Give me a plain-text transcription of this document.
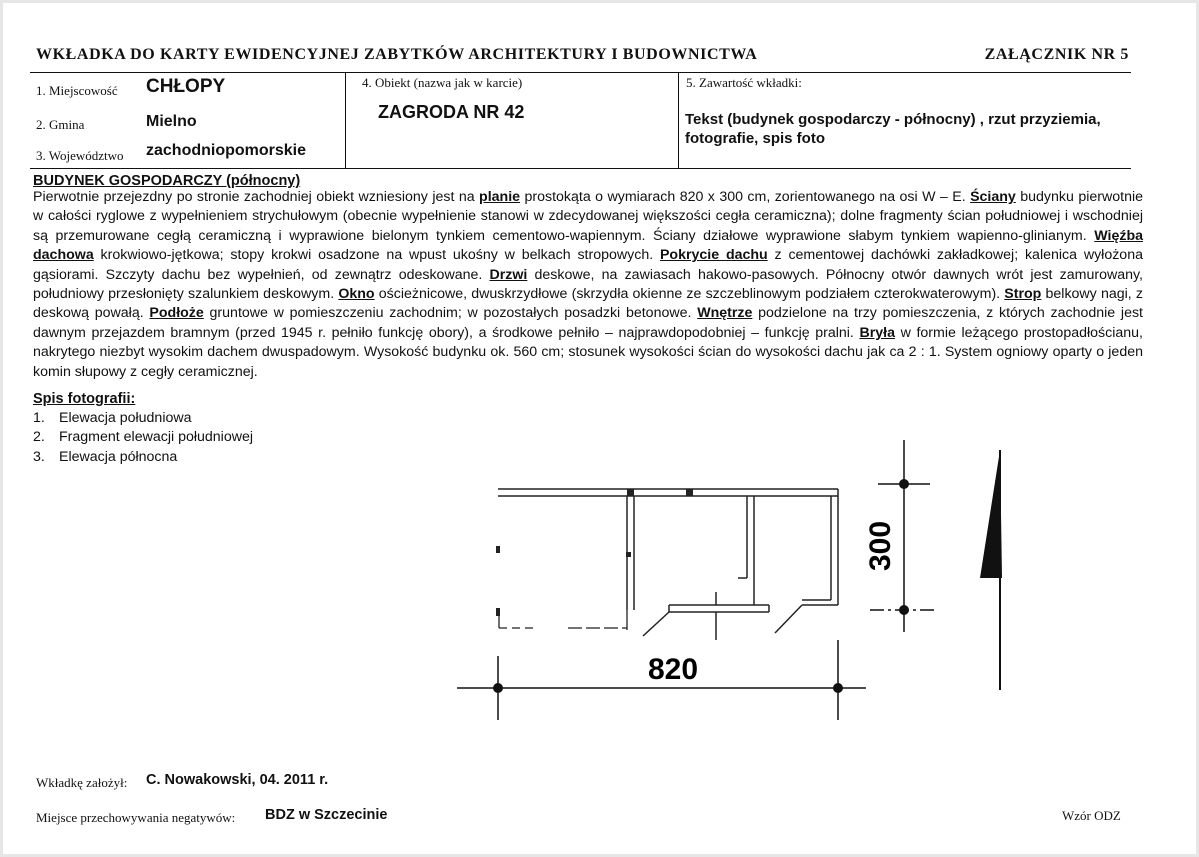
WKŁADKA DO KARTY EWIDENCYJNEJ ZABYTKÓW ARCHITEKTURY I BUDOWNICTWA	ZAŁĄCZNIK NR 5
1. Miejscowość CHŁOPY
2. Gmina	Mielno
3. Województwo zachodniopomorskie
4. Obiekt (nazwa jak w karcie)
ZAGRODA NR 42
5. Zawartość wkładki:
Tekst (budynek gospodarczy - północny) , rzut przyziemia, fotografie, spis foto
BUDYNEK GOSPODARCZY (północny)

Pierwotnie przejezdny po stronie zachodniej obiekt wzniesiony jest na planie prostokąta o wymiarach 820 x 300 cm, zorientowanego na osi W – E. Ściany budynku pierwotnie w całości ryglowe z wypełnieniem strychułowym (obecnie wypełnienie stanowi w zdecydowanej większości cegła ceramiczna); dolne fragmenty ścian południowej i wschodniej są przemurowane cegłą ceramiczną i wyprawione bielonym tynkiem cementowo-wapiennym. Ściany działowe wyprawione słabym tynkiem wapienno-glinianym. Więźba dachowa krokwiowo-jętkowa; stopy krokwi osadzone na wpust ukośny w belkach stropowych. Pokrycie dachu z cementowej dachówki zakładkowej; kalenica wyłożona gąsiorami. Szczyty dachu bez wypełnień, od zewnątrz odeskowane. Drzwi deskowe, na zawiasach hakowo-pasowych. Północny otwór dawnych wrót jest zamurowany, południowy przesłonięty szalunkiem deskowym. Okno ościeżnicowe, dwuskrzydłowe (skrzydła okienne ze szczeblinowym podziałem czterokwaterowym). Strop belkowy nagi, z deskową powałą. Podłoże gruntowe w pomieszczeniu zachodnim; w pozostałych posadzki betonowe. Wnętrze podzielone na trzy pomieszczenia, z których zachodnie jest dawnym przejazdem bramnym (przed 1945 r. pełniło funkcję obory), a środkowe pełniło – najprawdopodobniej – funkcję pralni. Bryła w formie leżącego prostopadłościanu, nakrytego niezbyt wysokim dachem dwuspadowym. Wysokość budynku ok. 560 cm; stosunek wysokości ścian do wysokości dachu jak ca 2 : 1. System ogniowy oparty o jeden komin słupowy z cegły ceramicznej.

Spis fotografii:
1. Elewacja południowa
2. Fragment elewacji południowej
3. Elewacja północna
820
300
Wkładkę założył: C. Nowakowski, 04. 2011 r.
Miejsce przechowywania negatywów: BDZ w Szczecinie	Wzór ODZ
